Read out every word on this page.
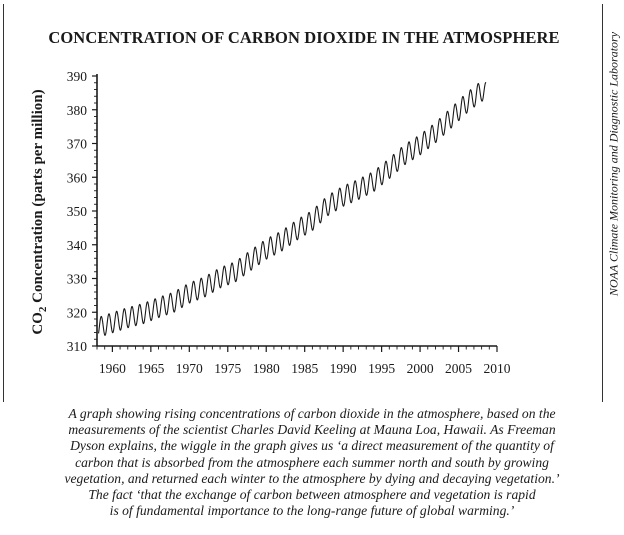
CONCENTRATION OF CARBON DIOXIDE IN THE ATMOSPHERE	NOAA Climate Monitoring and Diagnostic Laboratory
310
320
330
340
350
360
370
380
390
1960 1965 1970 1975 1980 1985 1990 1995 2000 2005 2010
$CO_2$ Concentration (parts per million)
A graph showing rising concentrations of carbon dioxide in the atmosphere, based on the
measurements of the scientist Charles David Keeling at Mauna Loa, Hawaii. As Freeman
Dyson explains, the wiggle in the graph gives us ‘a direct measurement of the quantity of
carbon that is absorbed from the atmosphere each summer north and south by growing
vegetation, and returned each winter to the atmosphere by dying and decaying vegetation.’
The fact ‘that the exchange of carbon between atmosphere and vegetation is rapid
is of fundamental importance to the long-range future of global warming.’
